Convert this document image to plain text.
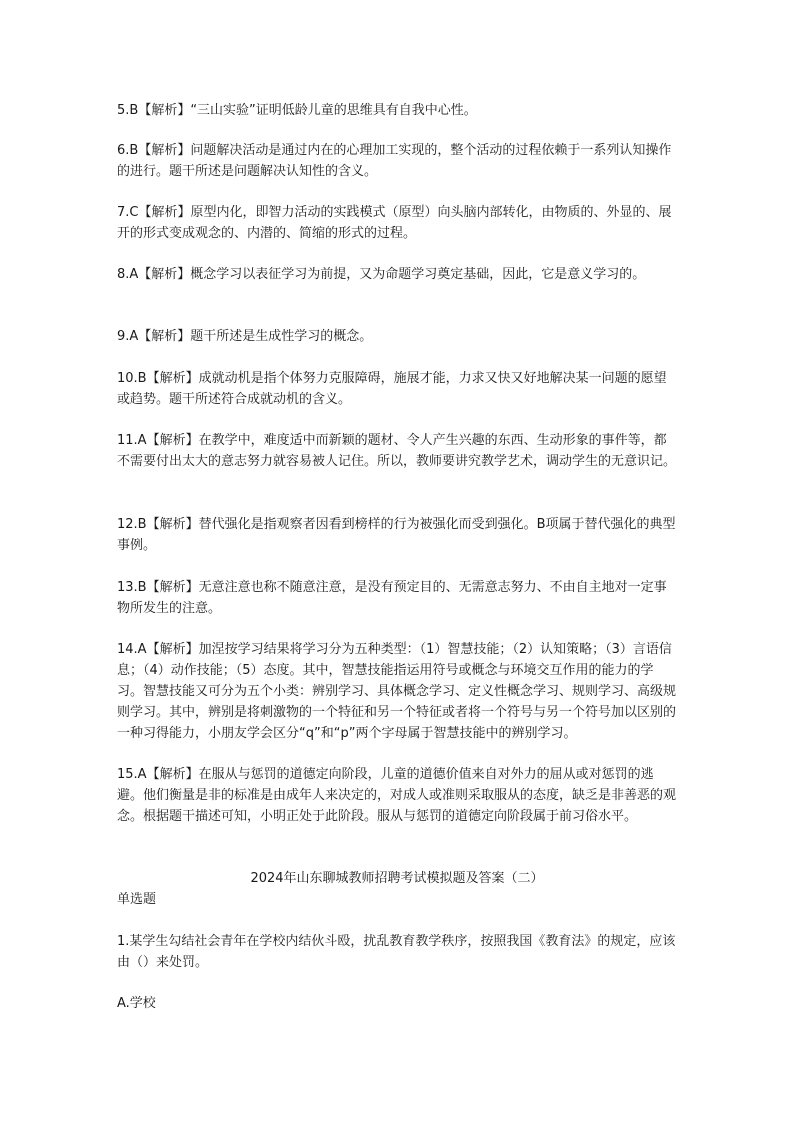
5.B【解析】“三山实验”证明低龄儿童的思维具有自我中心性。

6.B【解析】问题解决活动是通过内在的心理加工实现的，整个活动的过程依赖于一系列认知操作的进行。题干所述是问题解决认知性的含义。

7.C【解析】原型内化，即智力活动的实践模式（原型）向头脑内部转化，由物质的、外显的、展开的形式变成观念的、内潜的、简缩的形式的过程。

8.A【解析】概念学习以表征学习为前提，又为命题学习奠定基础，因此，它是意义学习的。

9.A【解析】题干所述是生成性学习的概念。

10.B【解析】成就动机是指个体努力克服障碍，施展才能，力求又快又好地解决某一问题的愿望或趋势。题干所述符合成就动机的含义。

11.A【解析】在教学中，难度适中而新颖的题材、令人产生兴趣的东西、生动形象的事件等，都不需要付出太大的意志努力就容易被人记住。所以，教师要讲究教学艺术，调动学生的无意识记。

12.B【解析】替代强化是指观察者因看到榜样的行为被强化而受到强化。B项属于替代强化的典型事例。

13.B【解析】无意注意也称不随意注意，是没有预定目的、无需意志努力、不由自主地对一定事物所发生的注意。

14.A【解析】加涅按学习结果将学习分为五种类型：（1）智慧技能；（2）认知策略；（3）言语信息；（4）动作技能；（5）态度。其中，智慧技能指运用符号或概念与环境交互作用的能力的学习。智慧技能又可分为五个小类：辨别学习、具体概念学习、定义性概念学习、规则学习、高级规则学习。其中，辨别是将刺激物的一个特征和另一个特征或者将一个符号与另一个符号加以区别的一种习得能力，小朋友学会区分“q”和“p”两个字母属于智慧技能中的辨别学习。

15.A【解析】在服从与惩罚的道德定向阶段，儿童的道德价值来自对外力的屈从或对惩罚的逃避。他们衡量是非的标准是由成年人来决定的，对成人或准则采取服从的态度，缺乏是非善恶的观念。根据题干描述可知，小明正处于此阶段。服从与惩罚的道德定向阶段属于前习俗水平。

2024年山东聊城教师招聘考试模拟题及答案（二）

单选题

1.某学生勾结社会青年在学校内结伙斗殴，扰乱教育教学秩序，按照我国《教育法》的规定，应该由（）来处罚。

A.学校
